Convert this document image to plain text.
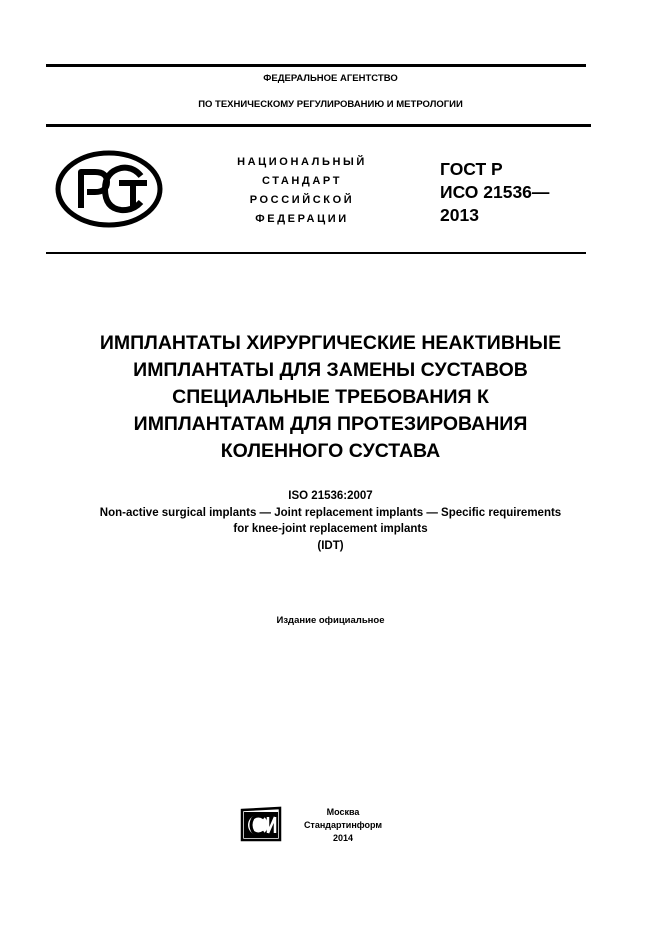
ФЕДЕРАЛЬНОЕ АГЕНТСТВО
ПО ТЕХНИЧЕСКОМУ РЕГУЛИРОВАНИЮ И МЕТРОЛОГИИ
НАЦИОНАЛЬНЫЙ
СТАНДАРТ
РОССИЙСКОЙ
ФЕДЕРАЦИИ
ГОСТ Р
ИСО 21536—
2013
ИМПЛАНТАТЫ ХИРУРГИЧЕСКИЕ НЕАКТИВНЫЕ
ИМПЛАНТАТЫ ДЛЯ ЗАМЕНЫ СУСТАВОВ
СПЕЦИАЛЬНЫЕ ТРЕБОВАНИЯ К
ИМПЛАНТАТАМ ДЛЯ ПРОТЕЗИРОВАНИЯ
КОЛЕННОГО СУСТАВА
ISO 21536:2007
Non-active surgical implants — Joint replacement implants — Specific requirements
for knee-joint replacement implants
(IDT)
Издание официальное
Москва
Стандартинформ
2014
